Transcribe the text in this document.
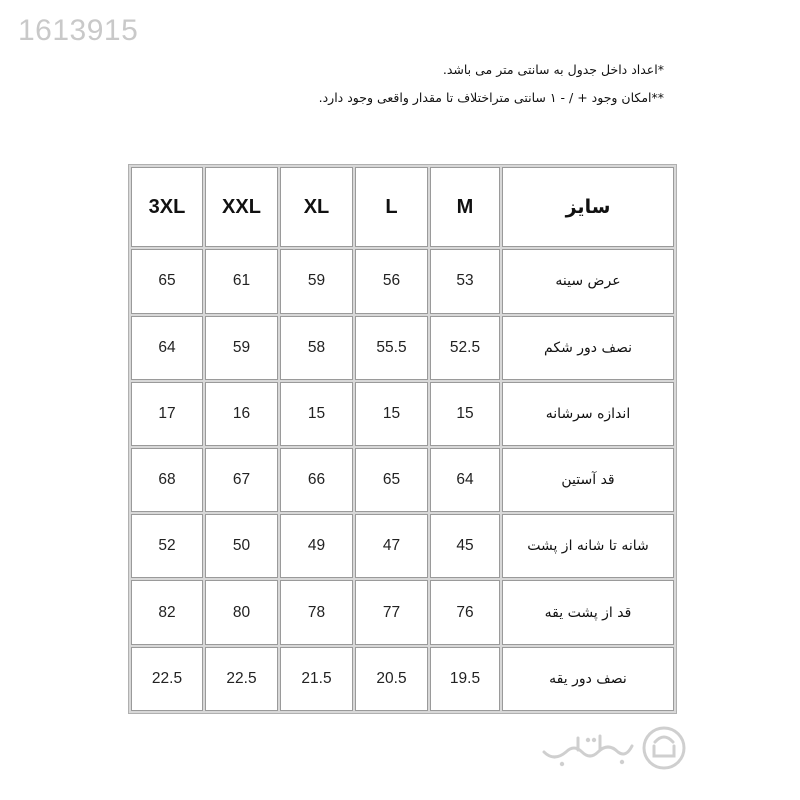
1613915
*اعداد داخل جدول به سانتی متر می باشد.
**امکان وجود + / - ۱ سانتی متراختلاف تا مقدار واقعی وجود دارد.
3XL	XXL	XL	L	M	سایز
65	61	59	56	53	عرض سینه
64	59	58	55.5	52.5	نصف دور شکم
17	16	15	15	15	اندازه سرشانه
68	67	66	65	64	قد آستین
52	50	49	47	45	شانه تا شانه از پشت
82	80	78	77	76	قد از پشت یقه
22.5	22.5	21.5	20.5	19.5	نصف دور یقه
